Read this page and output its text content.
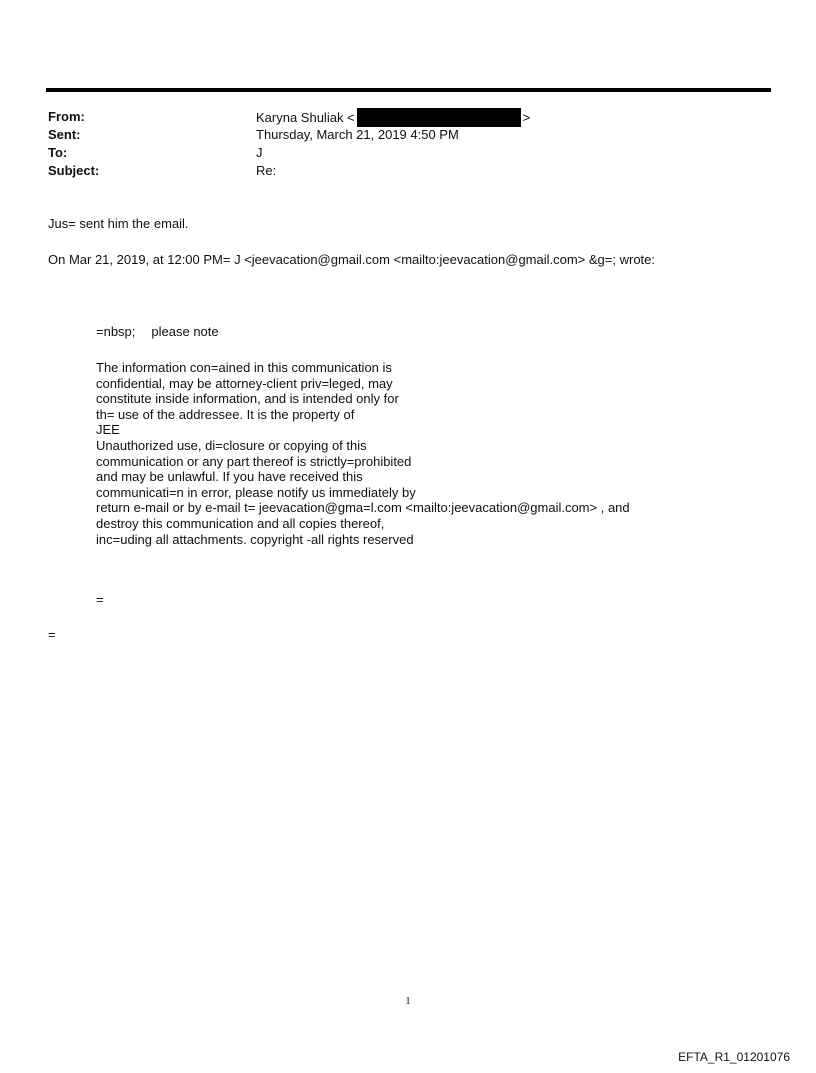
From:	Karyna Shuliak <	>
Sent:	Thursday, March 21, 2019 4:50 PM
To:	J
Subject:	Re:
Jus= sent him the email.
On Mar 21, 2019, at 12:00 PM= J <jeevacation@gmail.com <mailto:jeevacation@gmail.com> &g=; wrote:
=nbsp; please note
The information con=ained in this communication is
confidential, may be attorney-client priv=leged, may
constitute inside information, and is intended only for
th= use of the addressee. It is the property of
JEE
Unauthorized use, di=closure or copying of this
communication or any part thereof is strictly=prohibited
and may be unlawful. If you have received this
communicati=n in error, please notify us immediately by
return e-mail or by e-mail t= jeevacation@gma=l.com <mailto:jeevacation@gmail.com> , and
destroy this communication and all copies thereof,
inc=uding all attachments. copyright -all rights reserved
=
=
1
EFTA_R1_01201076
